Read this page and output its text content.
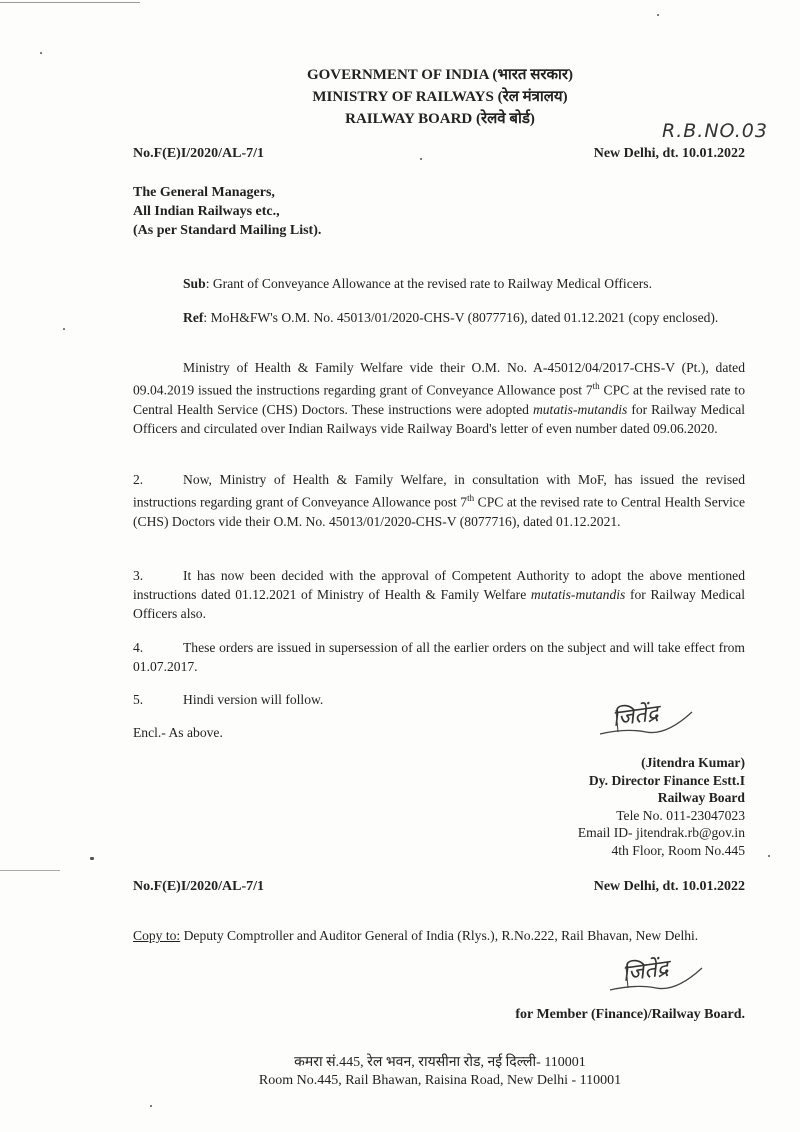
GOVERNMENT OF INDIA (भारत सरकार)
MINISTRY OF RAILWAYS (रेल मंत्रालय)
RAILWAY BOARD (रेलवे बोर्ड)
R.B.NO.03
No.F(E)I/2020/AL-7/1	New Delhi, dt. 10.01.2022
The General Managers,
All Indian Railways etc.,
(As per Standard Mailing List).
Sub: Grant of Conveyance Allowance at the revised rate to Railway Medical Officers.

Ref: MoH&FW's O.M. No. 45013/01/2020-CHS-V (8077716), dated 01.12.2021 (copy enclosed).

Ministry of Health & Family Welfare vide their O.M. No. A-45012/04/2017-CHS-V (Pt.), dated 09.04.2019 issued the instructions regarding grant of Conveyance Allowance post 7th CPC at the revised rate to Central Health Service (CHS) Doctors. These instructions were adopted mutatis-mutandis for Railway Medical Officers and circulated over Indian Railways vide Railway Board's letter of even number dated 09.06.2020.

2.	Now, Ministry of Health & Family Welfare, in consultation with MoF, has issued the revised instructions regarding grant of Conveyance Allowance post 7th CPC at the revised rate to Central Health Service (CHS) Doctors vide their O.M. No. 45013/01/2020-CHS-V (8077716), dated 01.12.2021.

3.	It has now been decided with the approval of Competent Authority to adopt the above mentioned instructions dated 01.12.2021 of Ministry of Health & Family Welfare mutatis-mutandis for Railway Medical Officers also.

4.	These orders are issued in supersession of all the earlier orders on the subject and will take effect from 01.07.2017.

5.	Hindi version will follow.

Encl.- As above.
जितेंद्र
(Jitendra Kumar)
Dy. Director Finance Estt.I
Railway Board
Tele No. 011-23047023
Email ID- jitendrak.rb@gov.in
4th Floor, Room No.445
No.F(E)I/2020/AL-7/1	New Delhi, dt. 10.01.2022

Copy to: Deputy Comptroller and Auditor General of India (Rlys.), R.No.222, Rail Bhavan, New Delhi.

जितेंद्र
for Member (Finance)/Railway Board.
कमरा सं.445, रेल भवन, रायसीना रोड, नई दिल्ली- 110001
Room No.445, Rail Bhawan, Raisina Road, New Delhi - 110001
